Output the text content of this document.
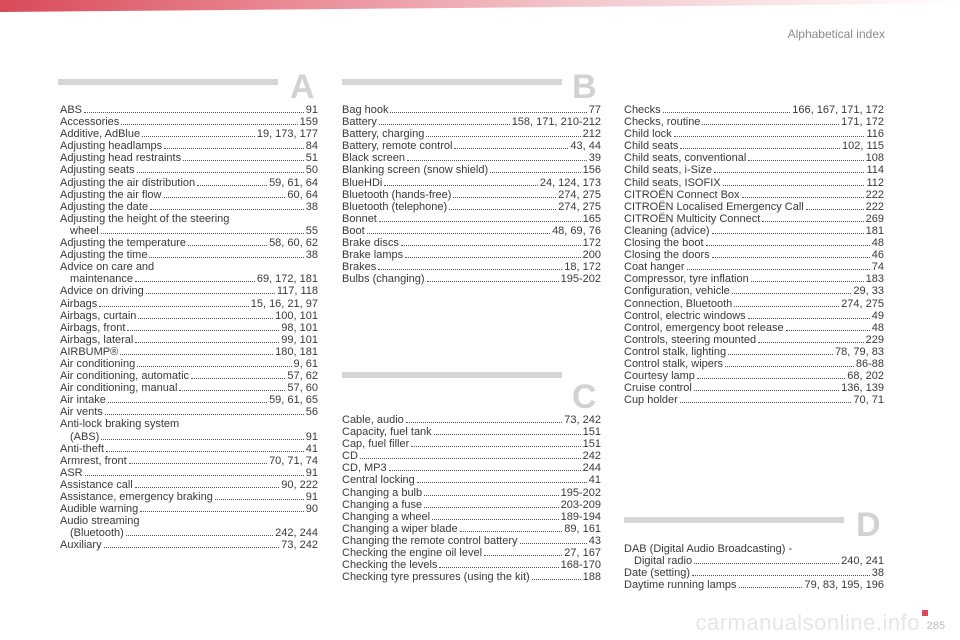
Alphabetical index
A	B
C
D
ABS	91
Accessories	159
Additive, AdBlue	19, 173, 177
Adjusting headlamps	84
Adjusting head restraints	51
Adjusting seats	50
Adjusting the air distribution	59, 61, 64
Adjusting the air flow	60, 64
Adjusting the date	38
Adjusting the height of the steering
wheel	55
Adjusting the temperature	58, 60, 62
Adjusting the time	38
Advice on care and
maintenance	69, 172, 181
Advice on driving	117, 118
Airbags	15, 16, 21, 97
Airbags, curtain	100, 101
Airbags, front	98, 101
Airbags, lateral	99, 101
AIRBUMP®	180, 181
Air conditioning	9, 61
Air conditioning, automatic	57, 62
Air conditioning, manual	57, 60
Air intake	59, 61, 65
Air vents	56
Anti-lock braking system
(ABS)	91
Anti-theft	41
Armrest, front	70, 71, 74
ASR	91
Assistance call	90, 222
Assistance, emergency braking	91
Audible warning	90
Audio streaming
(Bluetooth)	242, 244
Auxiliary	73, 242
Bag hook	77
Battery	158, 171, 210-212
Battery, charging	212
Battery, remote control	43, 44
Black screen	39
Blanking screen (snow shield)	156
BlueHDi	24, 124, 173
Bluetooth (hands-free)	274, 275
Bluetooth (telephone)	274, 275
Bonnet	165
Boot	48, 69, 76
Brake discs	172
Brake lamps	200
Brakes	18, 172
Bulbs (changing)	195-202
Cable, audio	73, 242
Capacity, fuel tank	151
Cap, fuel filler	151
CD	242
CD, MP3	244
Central locking	41
Changing a bulb	195-202
Changing a fuse	203-209
Changing a wheel	189-194
Changing a wiper blade	89, 161
Changing the remote control battery	43
Checking the engine oil level	27, 167
Checking the levels	168-170
Checking tyre pressures (using the kit)	188
Checks	166, 167, 171, 172
Checks, routine	171, 172
Child lock	116
Child seats	102, 115
Child seats, conventional	108
Child seats, i-Size	114
Child seats, ISOFIX	112
CITROËN Connect Box	222
CITROËN Localised Emergency Call	222
CITROËN Multicity Connect	269
Cleaning (advice)	181
Closing the boot	48
Closing the doors	46
Coat hanger	74
Compressor, tyre inflation	183
Configuration, vehicle	29, 33
Connection, Bluetooth	274, 275
Control, electric windows	49
Control, emergency boot release	48
Controls, steering mounted	229
Control stalk, lighting	78, 79, 83
Control stalk, wipers	86-88
Courtesy lamp	68, 202
Cruise control	136, 139
Cup holder	70, 71
DAB (Digital Audio Broadcasting) -
Digital radio	240, 241
Date (setting)	38
Daytime running lamps	79, 83, 195, 196
carmanualsonline.info 285
